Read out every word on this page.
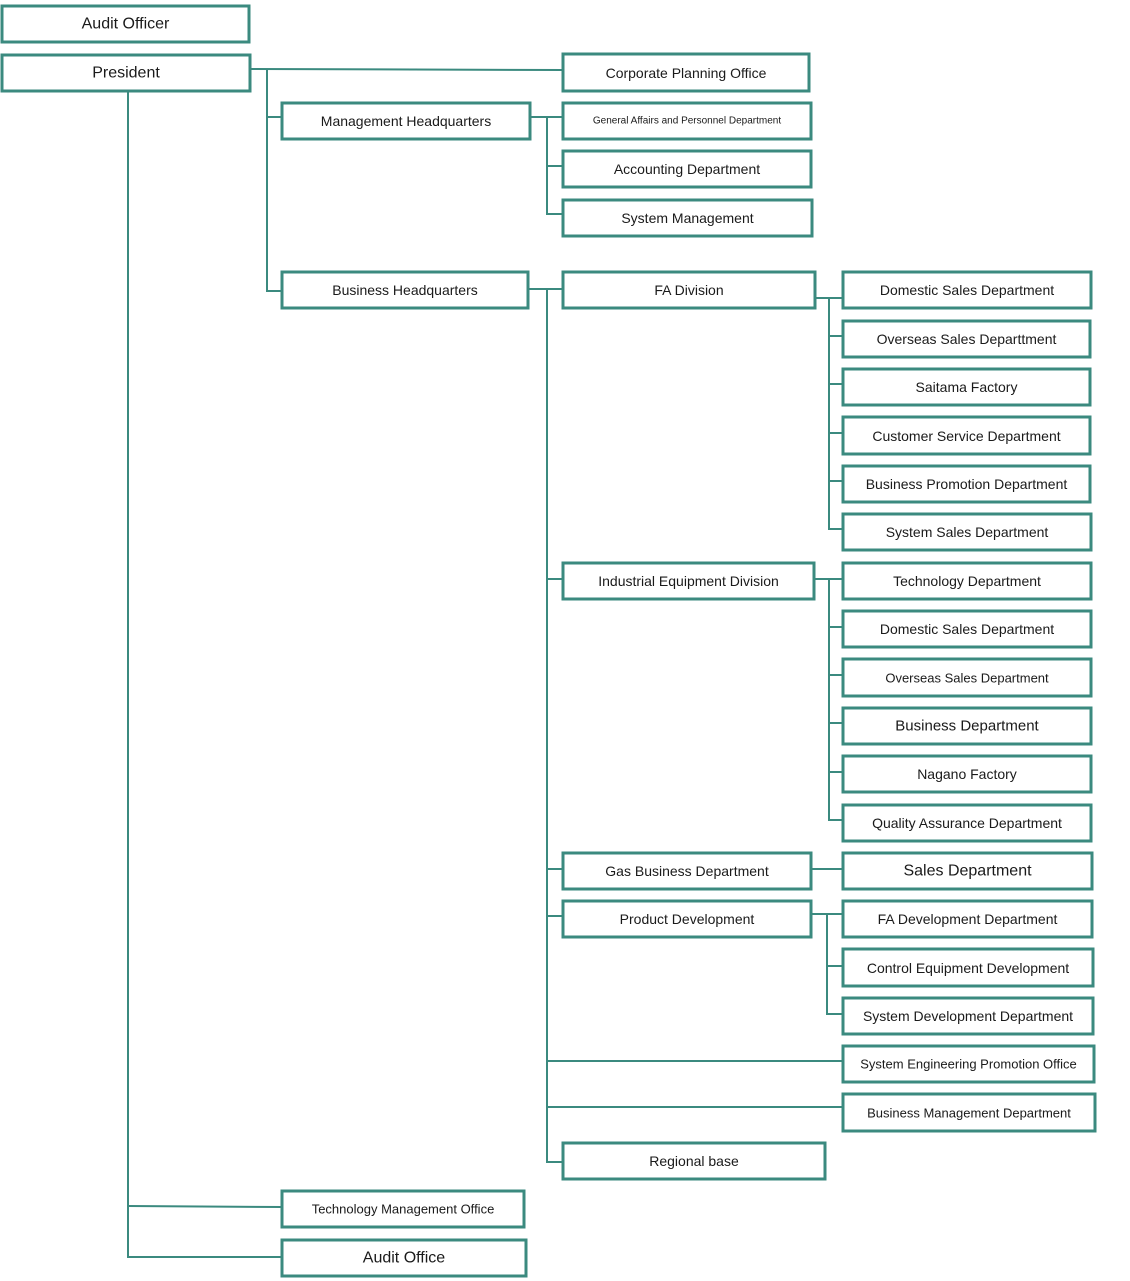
Audit Officer
President	Corporate Planning Office
Management Headquarters	General Affairs and Personnel Department
Accounting Department
System Management
Business Headquarters	FA Division	Domestic Sales Department
Overseas Sales Departtment
Saitama Factory
Customer Service Department
Business Promotion Department
System Sales Department
Industrial Equipment Division	Technology Department
Domestic Sales Department
Overseas Sales Department
Business Department
Nagano Factory
Quality Assurance Department
Gas Business Department	Sales Department
Product Development	FA Development Department
Control Equipment Development
System Development Department
System Engineering Promotion Office
Business Management Department
Regional base
Technology Management Office
Audit Office
